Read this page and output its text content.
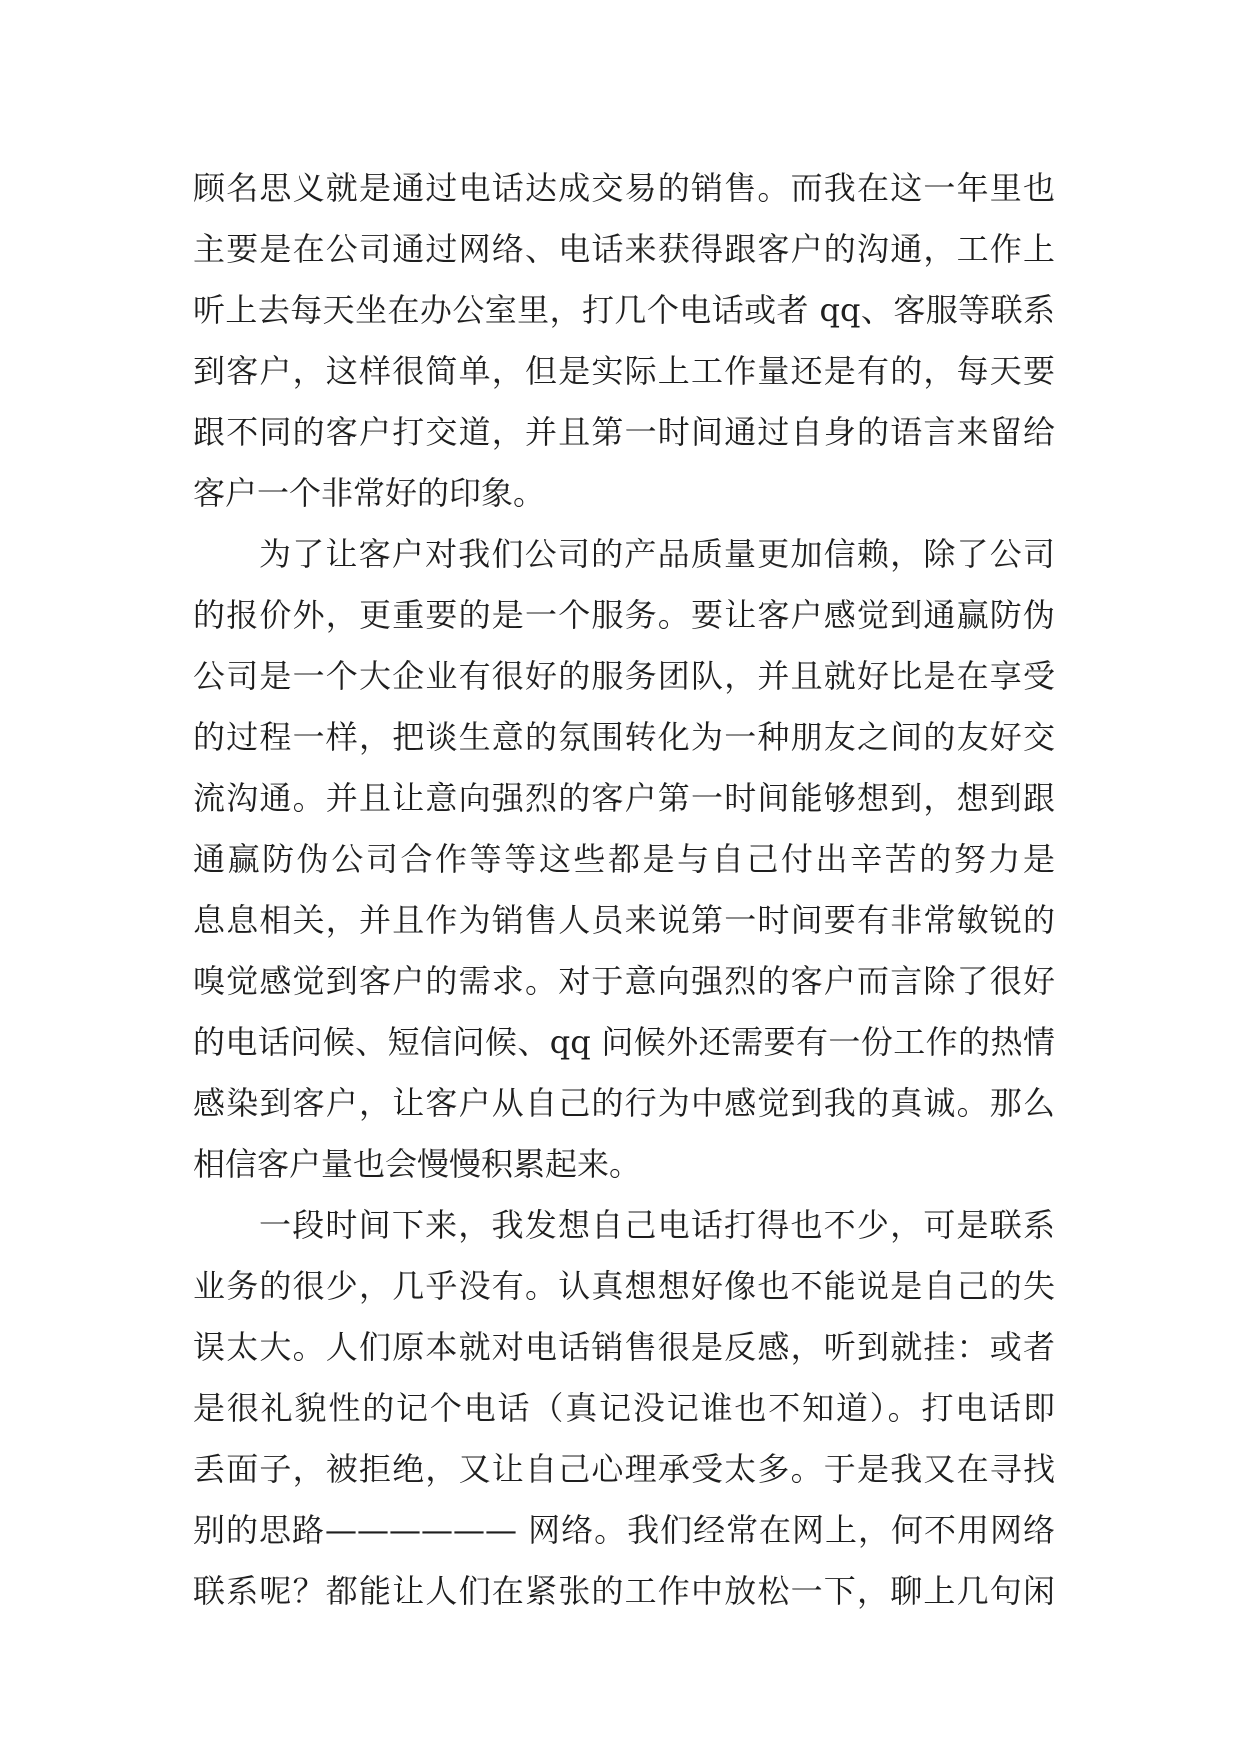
顾名思义就是通过电话达成交易的销售。而我在这一年里也
主要是在公司通过网络、电话来获得跟客户的沟通，工作上
听上去每天坐在办公室里，打几个电话或者 qq、客服等联系
到客户，这样很简单，但是实际上工作量还是有的，每天要
跟不同的客户打交道，并且第一时间通过自身的语言来留给
客户一个非常好的印象。
为了让客户对我们公司的产品质量更加信赖，除了公司
的报价外，更重要的是一个服务。要让客户感觉到通赢防伪
公司是一个大企业有很好的服务团队，并且就好比是在享受
的过程一样，把谈生意的氛围转化为一种朋友之间的友好交
流沟通。并且让意向强烈的客户第一时间能够想到，想到跟
通赢防伪公司合作等等这些都是与自己付出辛苦的努力是
息息相关，并且作为销售人员来说第一时间要有非常敏锐的
嗅觉感觉到客户的需求。对于意向强烈的客户而言除了很好
的电话问候、短信问候、qq 问候外还需要有一份工作的热情
感染到客户，让客户从自己的行为中感觉到我的真诚。那么
相信客户量也会慢慢积累起来。
一段时间下来，我发想自己电话打得也不少，可是联系
业务的很少，几乎没有。认真想想好像也不能说是自己的失
误太大。人们原本就对电话销售很是反感，听到就挂：或者
是很礼貌性的记个电话（真记没记谁也不知道）。打电话即
丢面子，被拒绝，又让自己心理承受太多。于是我又在寻找
别的思路—————— 网络。我们经常在网上，何不用网络
联系呢？都能让人们在紧张的工作中放松一下，聊上几句闲
